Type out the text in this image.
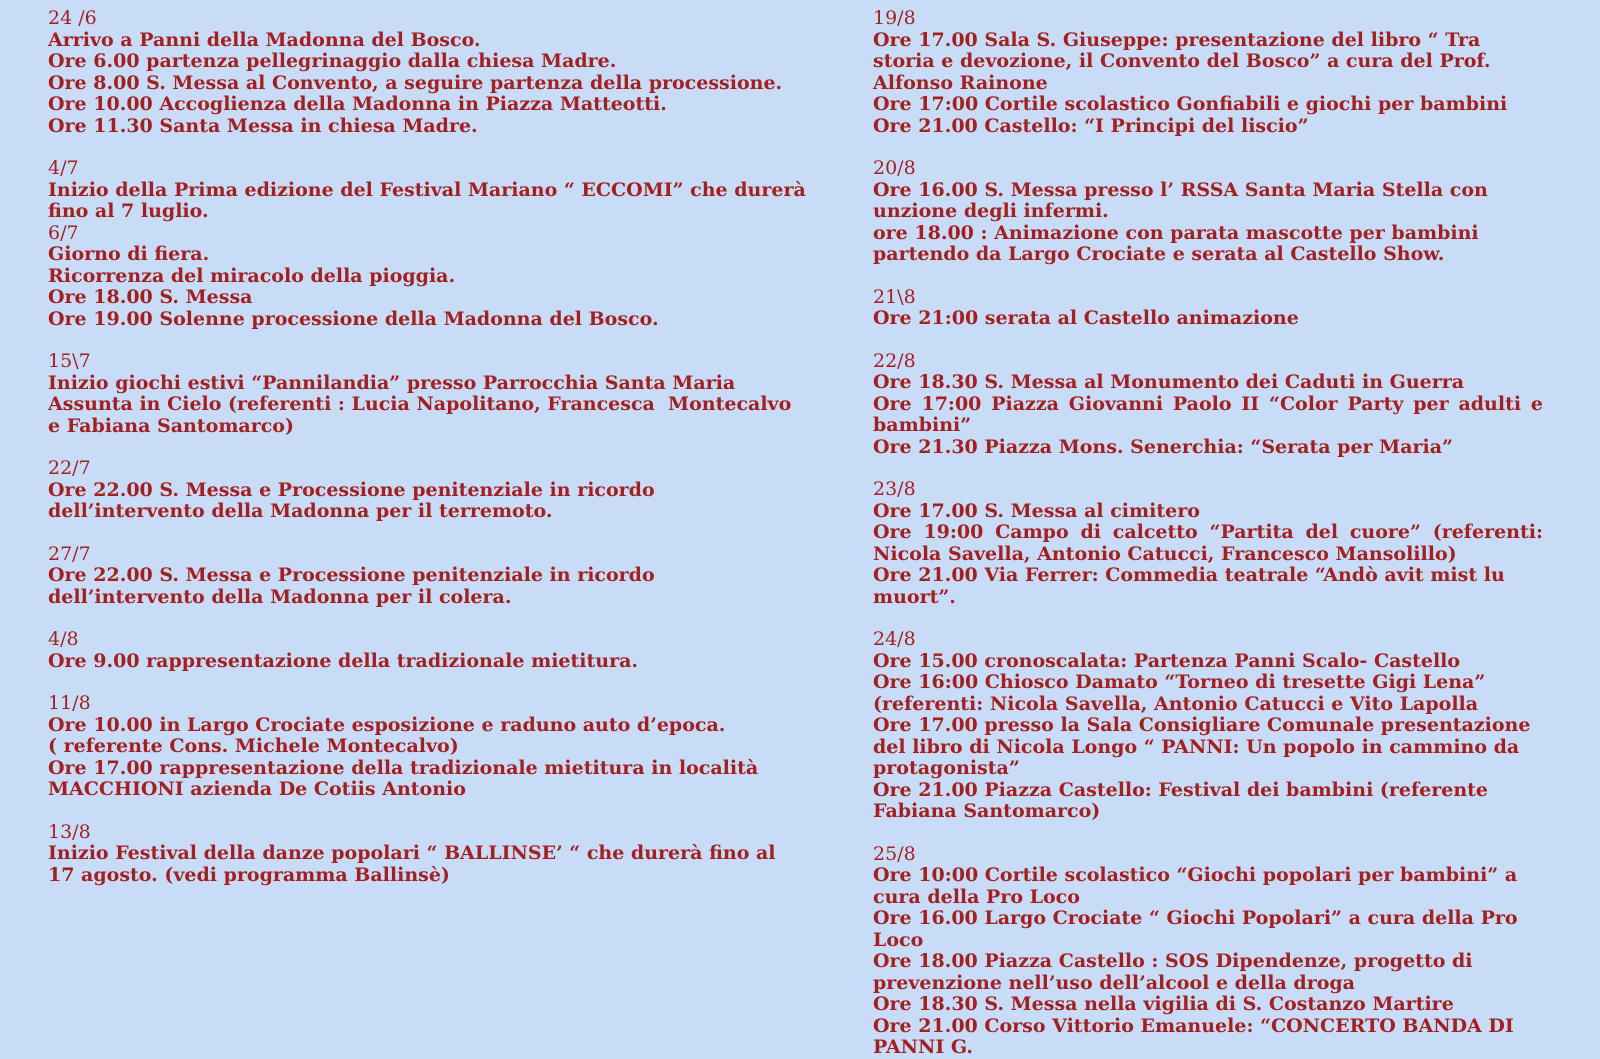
24 /6
Arrivo a Panni della Madonna del Bosco.
Ore 6.00 partenza pellegrinaggio dalla chiesa Madre.
Ore 8.00 S. Messa al Convento, a seguire partenza della processione.
Ore 10.00 Accoglienza della Madonna in Piazza Matteotti.
Ore 11.30 Santa Messa in chiesa Madre.
4/7
Inizio della Prima edizione del Festival Mariano “ ECCOMI” che durerà fino al 7 luglio.
6/7
Giorno di fiera.
Ricorrenza del miracolo della pioggia.
Ore 18.00 S. Messa
Ore 19.00 Solenne processione della Madonna del Bosco.
15\7
Inizio giochi estivi “Pannilandia” presso Parrocchia Santa Maria Assunta in Cielo (referenti : Lucia Napolitano, Francesca  Montecalvo e Fabiana Santomarco)
22/7
Ore 22.00 S. Messa e Processione penitenziale in ricordo dell’intervento della Madonna per il terremoto.
27/7
Ore 22.00 S. Messa e Processione penitenziale in ricordo dell’intervento della Madonna per il colera.
4/8
Ore 9.00 rappresentazione della tradizionale mietitura.
11/8
Ore 10.00 in Largo Crociate esposizione e raduno auto d’epoca.
( referente Cons. Michele Montecalvo)
Ore 17.00 rappresentazione della tradizionale mietitura in località MACCHIONI azienda De Cotiis Antonio
13/8
Inizio Festival della danze popolari “ BALLINSE’ “ che durerà fino al 17 agosto. (vedi programma Ballinsè)
19/8
Ore 17.00 Sala S. Giuseppe: presentazione del libro “ Tra storia e devozione, il Convento del Bosco” a cura del Prof. Alfonso Rainone
Ore 17:00 Cortile scolastico Gonfiabili e giochi per bambini
Ore 21.00 Castello: “I Principi del liscio”
20/8
Ore 16.00 S. Messa presso l’ RSSA Santa Maria Stella con unzione degli infermi.
ore 18.00 : Animazione con parata mascotte per bambini partendo da Largo Crociate e serata al Castello Show.
21\8
Ore 21:00 serata al Castello animazione
22/8
Ore 18.30 S. Messa al Monumento dei Caduti in Guerra
Ore 17:00 Piazza Giovanni Paolo II “Color Party per adulti e bambini”
Ore 21.30 Piazza Mons. Senerchia: “Serata per Maria”
23/8
Ore 17.00 S. Messa al cimitero
Ore 19:00 Campo di calcetto “Partita del cuore” (referenti: Nicola Savella, Antonio Catucci, Francesco Mansolillo)
Ore 21.00 Via Ferrer: Commedia teatrale “Andò avit mist lu muort”.
24/8
Ore 15.00 cronoscalata: Partenza Panni Scalo- Castello
Ore 16:00 Chiosco Damato “Torneo di tresette Gigi Lena” (referenti: Nicola Savella, Antonio Catucci e Vito Lapolla
Ore 17.00 presso la Sala Consigliare Comunale presentazione del libro di Nicola Longo “ PANNI: Un popolo in cammino da protagonista”
Ore 21.00 Piazza Castello: Festival dei bambini (referente Fabiana Santomarco)
25/8
Ore 10:00 Cortile scolastico “Giochi popolari per bambini” a cura della Pro Loco
Ore 16.00 Largo Crociate “ Giochi Popolari” a cura della Pro Loco
Ore 18.00 Piazza Castello : SOS Dipendenze, progetto di prevenzione nell’uso dell’alcool e della droga
Ore 18.30 S. Messa nella vigilia di S. Costanzo Martire
Ore 21.00 Corso Vittorio Emanuele: “CONCERTO BANDA DI PANNI G.
